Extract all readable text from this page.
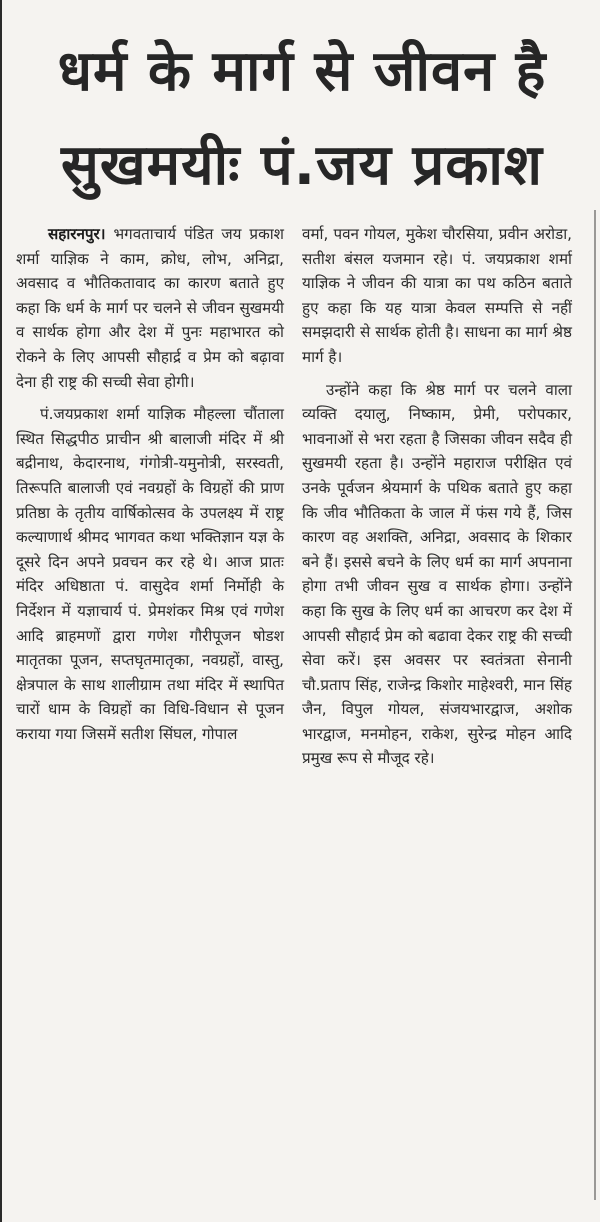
धर्म के मार्ग से जीवन है
सुखमयीः पं.जय प्रकाश

सहारनपुर। भगवताचार्य पंडित जय प्रकाश शर्मा याज्ञिक ने काम, क्रोध, लोभ, अनिद्रा, अवसाद व भौतिकतावाद का कारण बताते हुए कहा कि धर्म के मार्ग पर चलने से जीवन सुखमयी व सार्थक होगा और देश में पुनः महाभारत को रोकने के लिए आपसी सौहार्द्र व प्रेम को बढ़ावा देना ही राष्ट्र की सच्ची सेवा होगी।

पं.जयप्रकाश शर्मा याज्ञिक मौहल्ला चौंताला स्थित सिद्धपीठ प्राचीन श्री बालाजी मंदिर में श्री बद्रीनाथ, केदारनाथ, गंगोत्री-यमुनोत्री, सरस्वती, तिरूपति बालाजी एवं नवग्रहों के विग्रहों की प्राण प्रतिष्ठा के तृतीय वार्षिकोत्सव के उपलक्ष्य में राष्ट्र कल्याणार्थ श्रीमद भागवत कथा भक्तिज्ञान यज्ञ के दूसरे दिन अपने प्रवचन कर रहे थे। आज प्रातः मंदिर अधिष्ठाता पं. वासुदेव शर्मा निर्मोही के निर्देशन में यज्ञाचार्य पं. प्रेमशंकर मिश्र एवं गणेश आदि ब्राहमणों द्वारा गणेश गौरीपूजन षोडश मातृतका पूजन, सप्तघृतमातृका, नवग्रहों, वास्तु, क्षेत्रपाल के साथ शालीग्राम तथा मंदिर में स्थापित चारों धाम के विग्रहों का विधि-विधान से पूजन कराया गया जिसमें सतीश सिंघल, गोपाल

वर्मा, पवन गोयल, मुकेश चौरसिया, प्रवीन अरोडा, सतीश बंसल यजमान रहे। पं. जयप्रकाश शर्मा याज्ञिक ने जीवन की यात्रा का पथ कठिन बताते हुए कहा कि यह यात्रा केवल सम्पत्ति से नहीं समझदारी से सार्थक होती है। साधना का मार्ग श्रेष्ठ मार्ग है।

उन्होंने कहा कि श्रेष्ठ मार्ग पर चलने वाला व्यक्ति दयालु, निष्काम, प्रेमी, परोपकार, भावनाओं से भरा रहता है जिसका जीवन सदैव ही सुखमयी रहता है। उन्होंने महाराज परीक्षित एवं उनके पूर्वजन श्रेयमार्ग के पथिक बताते हुए कहा कि जीव भौतिकता के जाल में फंस गये हैं, जिस कारण वह अशक्ति, अनिद्रा, अवसाद के शिकार बने हैं। इससे बचने के लिए धर्म का मार्ग अपनाना होगा तभी जीवन सुख व सार्थक होगा। उन्होंने कहा कि सुख के लिए धर्म का आचरण कर देश में आपसी सौहार्द प्रेम को बढावा देकर राष्ट्र की सच्ची सेवा करें। इस अवसर पर स्वतंत्रता सेनानी चौ.प्रताप सिंह, राजेन्द्र किशोर माहेश्वरी, मान सिंह जैन, विपुल गोयल, संजयभारद्वाज, अशोक भारद्वाज, मनमोहन, राकेश, सुरेन्द्र मोहन आदि प्रमुख रूप से मौजूद रहे।
